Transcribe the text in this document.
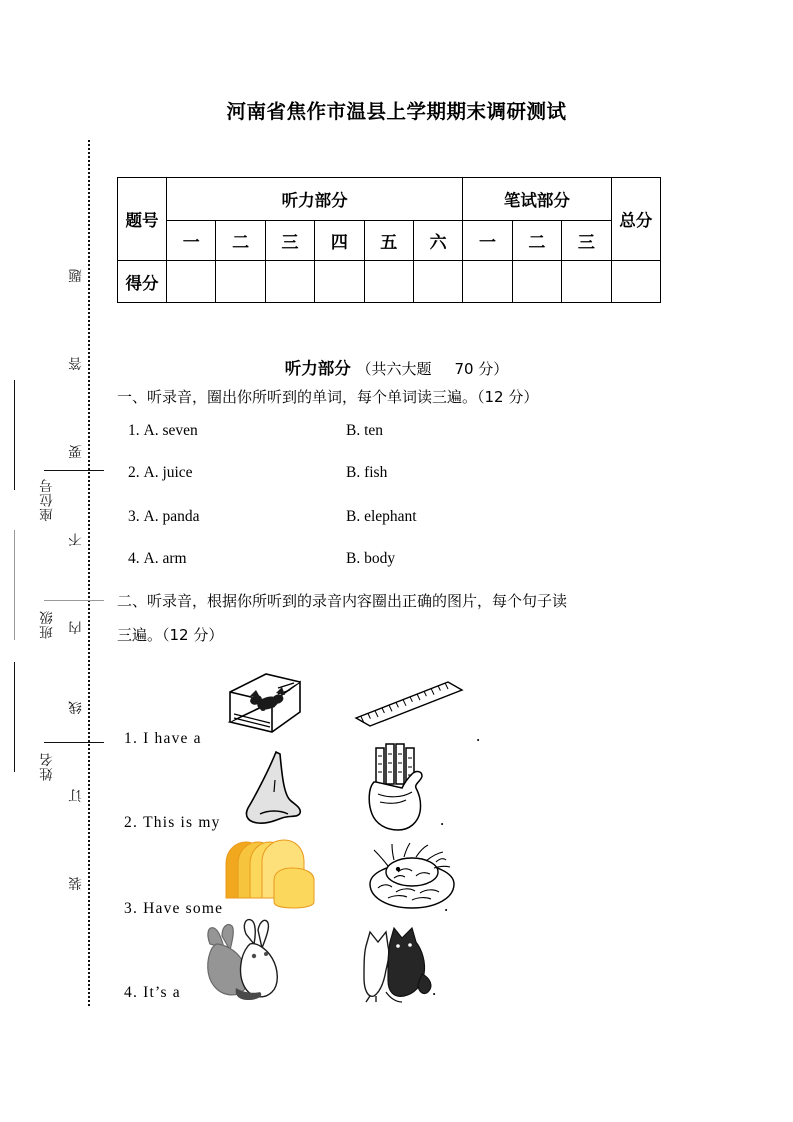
题
答
要
不
内
线
订
装
座位号
班级
姓名
河南省焦作市温县上学期期末调研测试
题号	听力部分						笔试部分			总分
	一	二	三	四	五	六	一	二	三	
得分										
听力部分 （共六大题 70 分）
一、听录音，圈出你所听到的单词，每个单词读三遍。（12 分）
1. A. seven	B. ten
2. A. juice	B. fish
3. A. panda	B. elephant
4. A. arm	B. body
二、听录音，根据你所听到的录音内容圈出正确的图片，每个句子读
三遍。（12 分）
1. I have a	.
2. This is my	.
3. Have some	.
4. It’s a	.
